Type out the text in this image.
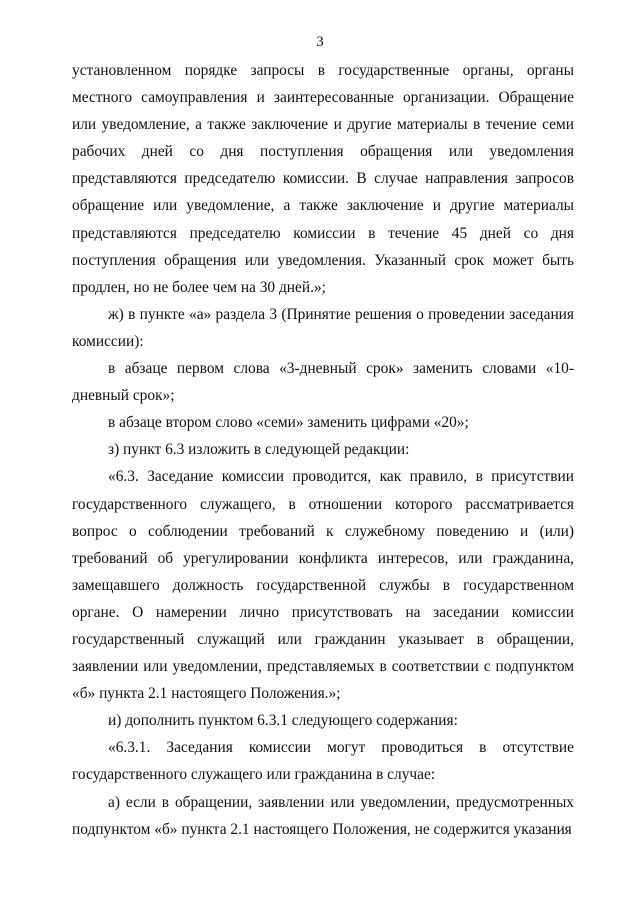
3

установленном порядке запросы в государственные органы, органы местного самоуправления и заинтересованные организации. Обращение или уведомление, а также заключение и другие материалы в течение семи рабочих дней со дня поступления обращения или уведомления представляются председателю комиссии. В случае направления запросов обращение или уведомление, а также заключение и другие материалы представляются председателю комиссии в течение 45 дней со дня поступления обращения или уведомления. Указанный срок может быть продлен, но не более чем на 30 дней.»;

ж) в пункте «а» раздела 3 (Принятие решения о проведении заседания комиссии):

в абзаце первом слова «3-дневный срок» заменить словами «10-дневный срок»;

в абзаце втором слово «семи» заменить цифрами «20»;

з) пункт 6.3 изложить в следующей редакции:

«6.3. Заседание комиссии проводится, как правило, в присутствии государственного служащего, в отношении которого рассматривается вопрос о соблюдении требований к служебному поведению и (или) требований об урегулировании конфликта интересов, или гражданина, замещавшего должность государственной службы в государственном органе. О намерении лично присутствовать на заседании комиссии государственный служащий или гражданин указывает в обращении, заявлении или уведомлении, представляемых в соответствии с подпунктом «б» пункта 2.1 настоящего Положения.»;

и) дополнить пунктом 6.3.1 следующего содержания:

«6.3.1. Заседания комиссии могут проводиться в отсутствие государственного служащего или гражданина в случае:

а) если в обращении, заявлении или уведомлении, предусмотренных подпунктом «б» пункта 2.1 настоящего Положения, не содержится указания
